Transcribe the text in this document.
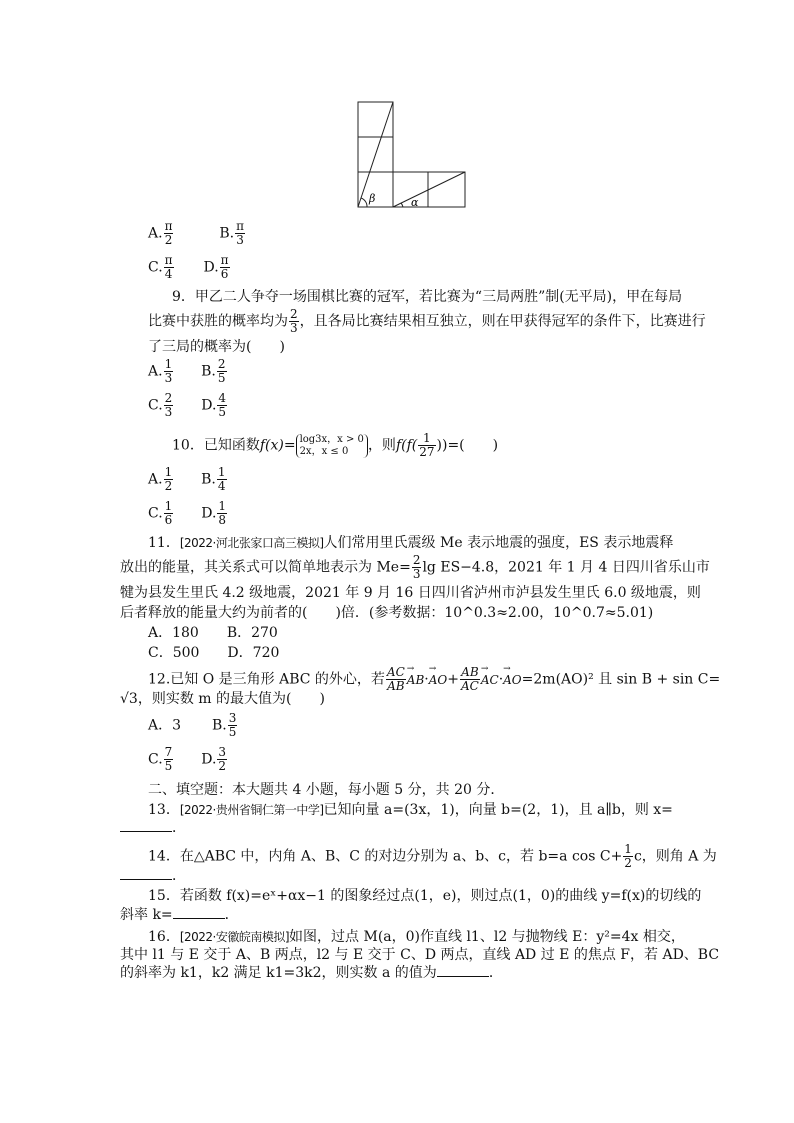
β	α
A. $\frac{\pi}{2}$	B. $\frac{\pi}{3}$
C. $\frac{\pi}{4} D$. $\frac{\pi}{6}$
9．甲乙二人争夺一场围棋比赛的冠军，若比赛为“三局两胜”制(无平局)，甲在每局
比赛中获胜的概率均为 $\frac{2}{3}$ ，且各局比赛结果相互独立，则在甲获得冠军的条件下，比赛进行
了三局的概率为(　　)
A. $\frac{1}{3} B$. $\frac{2}{5}$
C. $\frac{2}{3} D$. $\frac{4}{5}$
10．已知函数f(x)= log3x，x > 0
2x，x ≤ 0	，则$f(f( \frac{1}{27}$ ))=(　　)
A. $\frac{1}{2} B$. $\frac{1}{4}$
C. $\frac{1}{6} D$. $\frac{1}{8}$
11．[2022·河北张家口高三模拟]人们常用里氏震级 Me 表示地震的强度，ES 表示地震释
放出的能量，其关系式可以简单地表示为 $Me= \frac{2}{3}$ lg ES−4.8，2021 年 1 月 4 日四川省乐山市
犍为县发生里氏 4.2 级地震，2021 年 9 月 16 日四川省泸州市泸县发生里氏 6.0 级地震，则
后者释放的能量大约为前者的(　　)倍．(参考数据：10^0.3≈2.00，10^0.7≈5.01)
A．180　　B．270
C．500　　D．720
12.已知 O 是三角形 ABC 的外心，若 $\frac{AC}{AB}$
→ $AB\cdot\to AO+ \frac{AB}{AC}$
→ AC·→ AO=2m(AO)² 且 sin B + sin C=
√3，则实数 m 的最大值为(　　)
A．3 B. $\frac{3}{5}$
C. $\frac{7}{5} D$. $\frac{3}{2}$
二、填空题：本大题共 4 小题，每小题 5 分，共 20 分．
13．[2022·贵州省铜仁第一中学]已知向量 a=(3x，1)，向量 b=(2，1)，且 a∥b，则 x=
．
14．在△ABC 中，内角 A、B、C 的对边分别为 a、b、c，若 b=a $\cos C+ \frac{1}{2}$ c，则角 A 为
．
15．若函数 f(x)=eˣ+αx−1 的图象经过点(1，e)，则过点(1，0)的曲线 y=f(x)的切线的
斜率 k=	．
16．[2022·安徽皖南模拟]如图，过点 M(a，0)作直线 l1、l2 与抛物线 E：y²=4x 相交，
其中 l1 与 E 交于 A、B 两点，l2 与 E 交于 C、D 两点，直线 AD 过 E 的焦点 F，若 AD、BC
的斜率为 k1，k2 满足 k1=3k2，则实数 a 的值为	．
